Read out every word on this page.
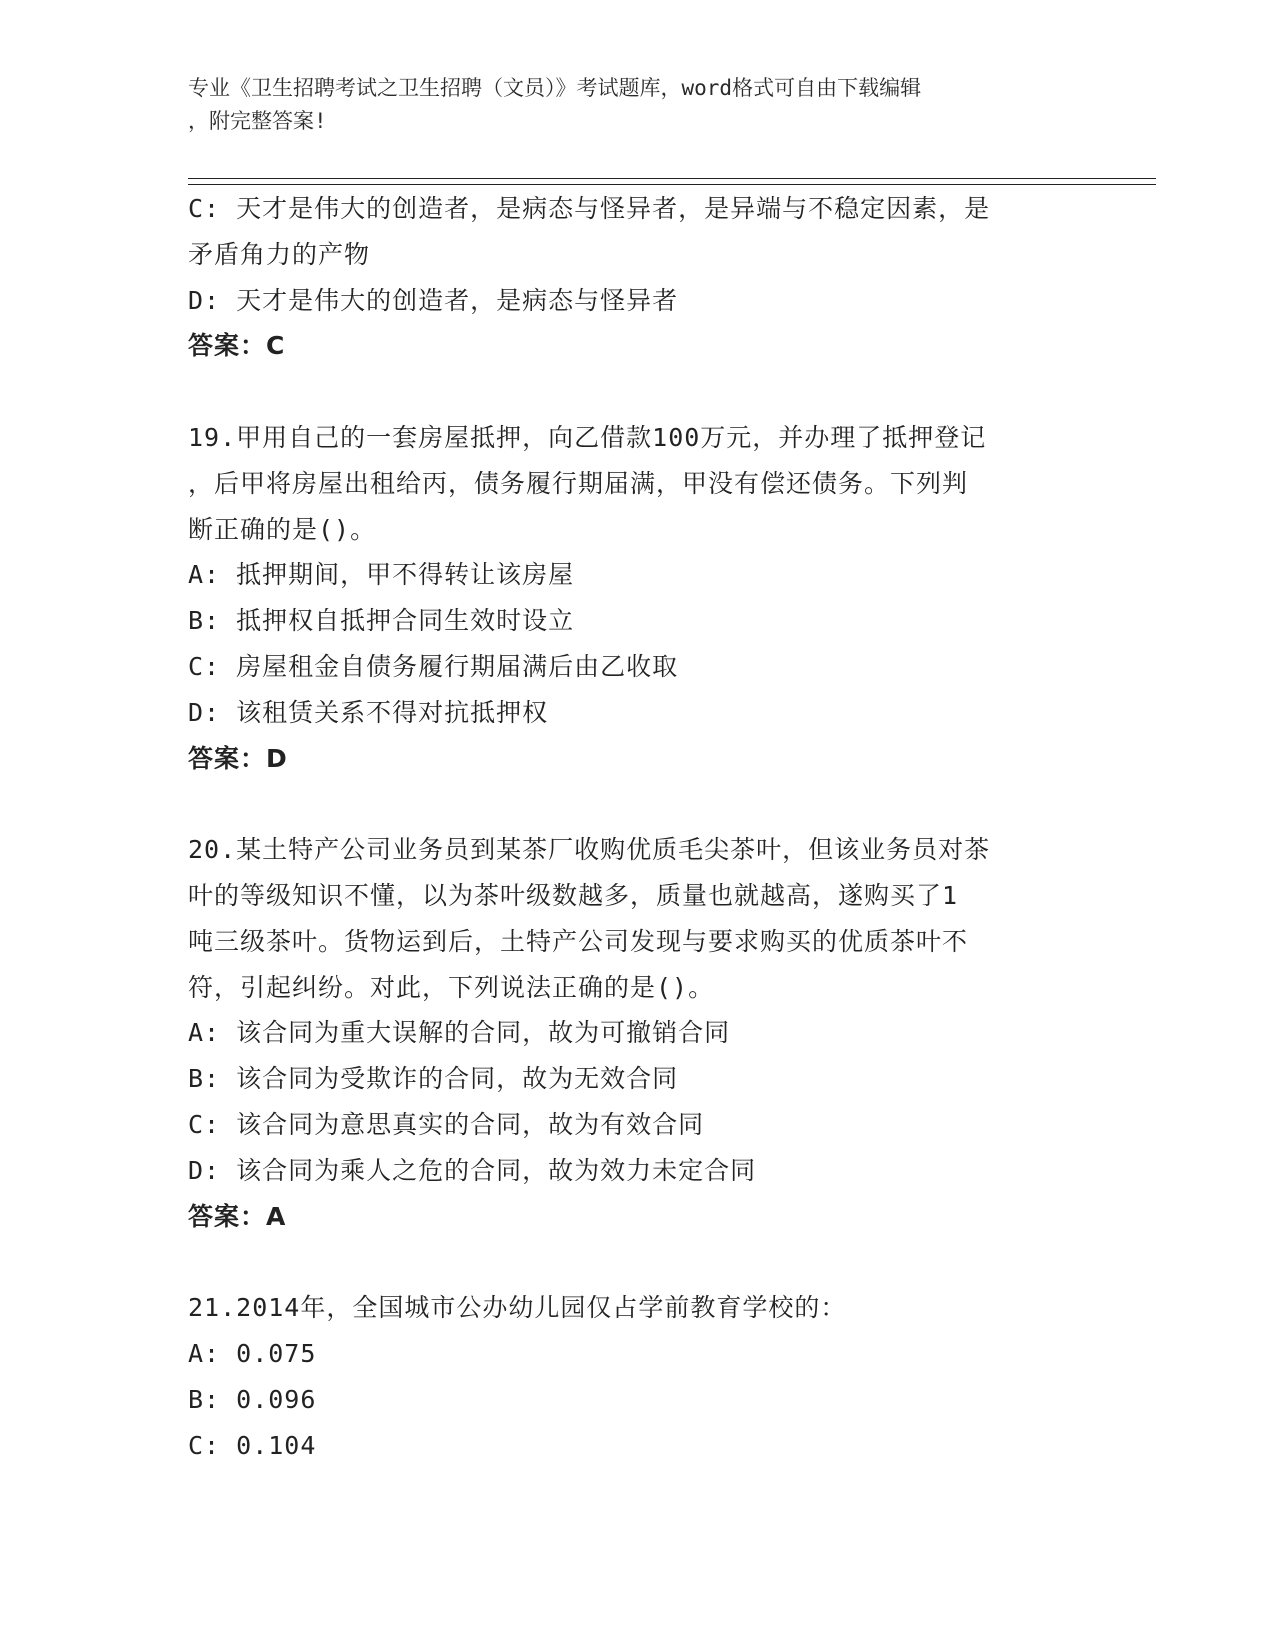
专业《卫生招聘考试之卫生招聘（文员）》考试题库，word格式可自由下载编辑
，附完整答案!
C: 天才是伟大的创造者，是病态与怪异者，是异端与不稳定因素，是
矛盾角力的产物
D: 天才是伟大的创造者，是病态与怪异者
答案：C
19.甲用自己的一套房屋抵押，向乙借款100万元，并办理了抵押登记
，后甲将房屋出租给丙，债务履行期届满，甲没有偿还债务。下列判
断正确的是()。
A: 抵押期间，甲不得转让该房屋
B: 抵押权自抵押合同生效时设立
C: 房屋租金自债务履行期届满后由乙收取
D: 该租赁关系不得对抗抵押权
答案：D
20.某土特产公司业务员到某茶厂收购优质毛尖茶叶，但该业务员对茶
叶的等级知识不懂，以为茶叶级数越多，质量也就越高，遂购买了1
吨三级茶叶。货物运到后，土特产公司发现与要求购买的优质茶叶不
符，引起纠纷。对此，下列说法正确的是()。
A: 该合同为重大误解的合同，故为可撤销合同
B: 该合同为受欺诈的合同，故为无效合同
C: 该合同为意思真实的合同，故为有效合同
D: 该合同为乘人之危的合同，故为效力未定合同
答案：A
21.2014年，全国城市公办幼儿园仅占学前教育学校的：
A: 0.075
B: 0.096
C: 0.104
